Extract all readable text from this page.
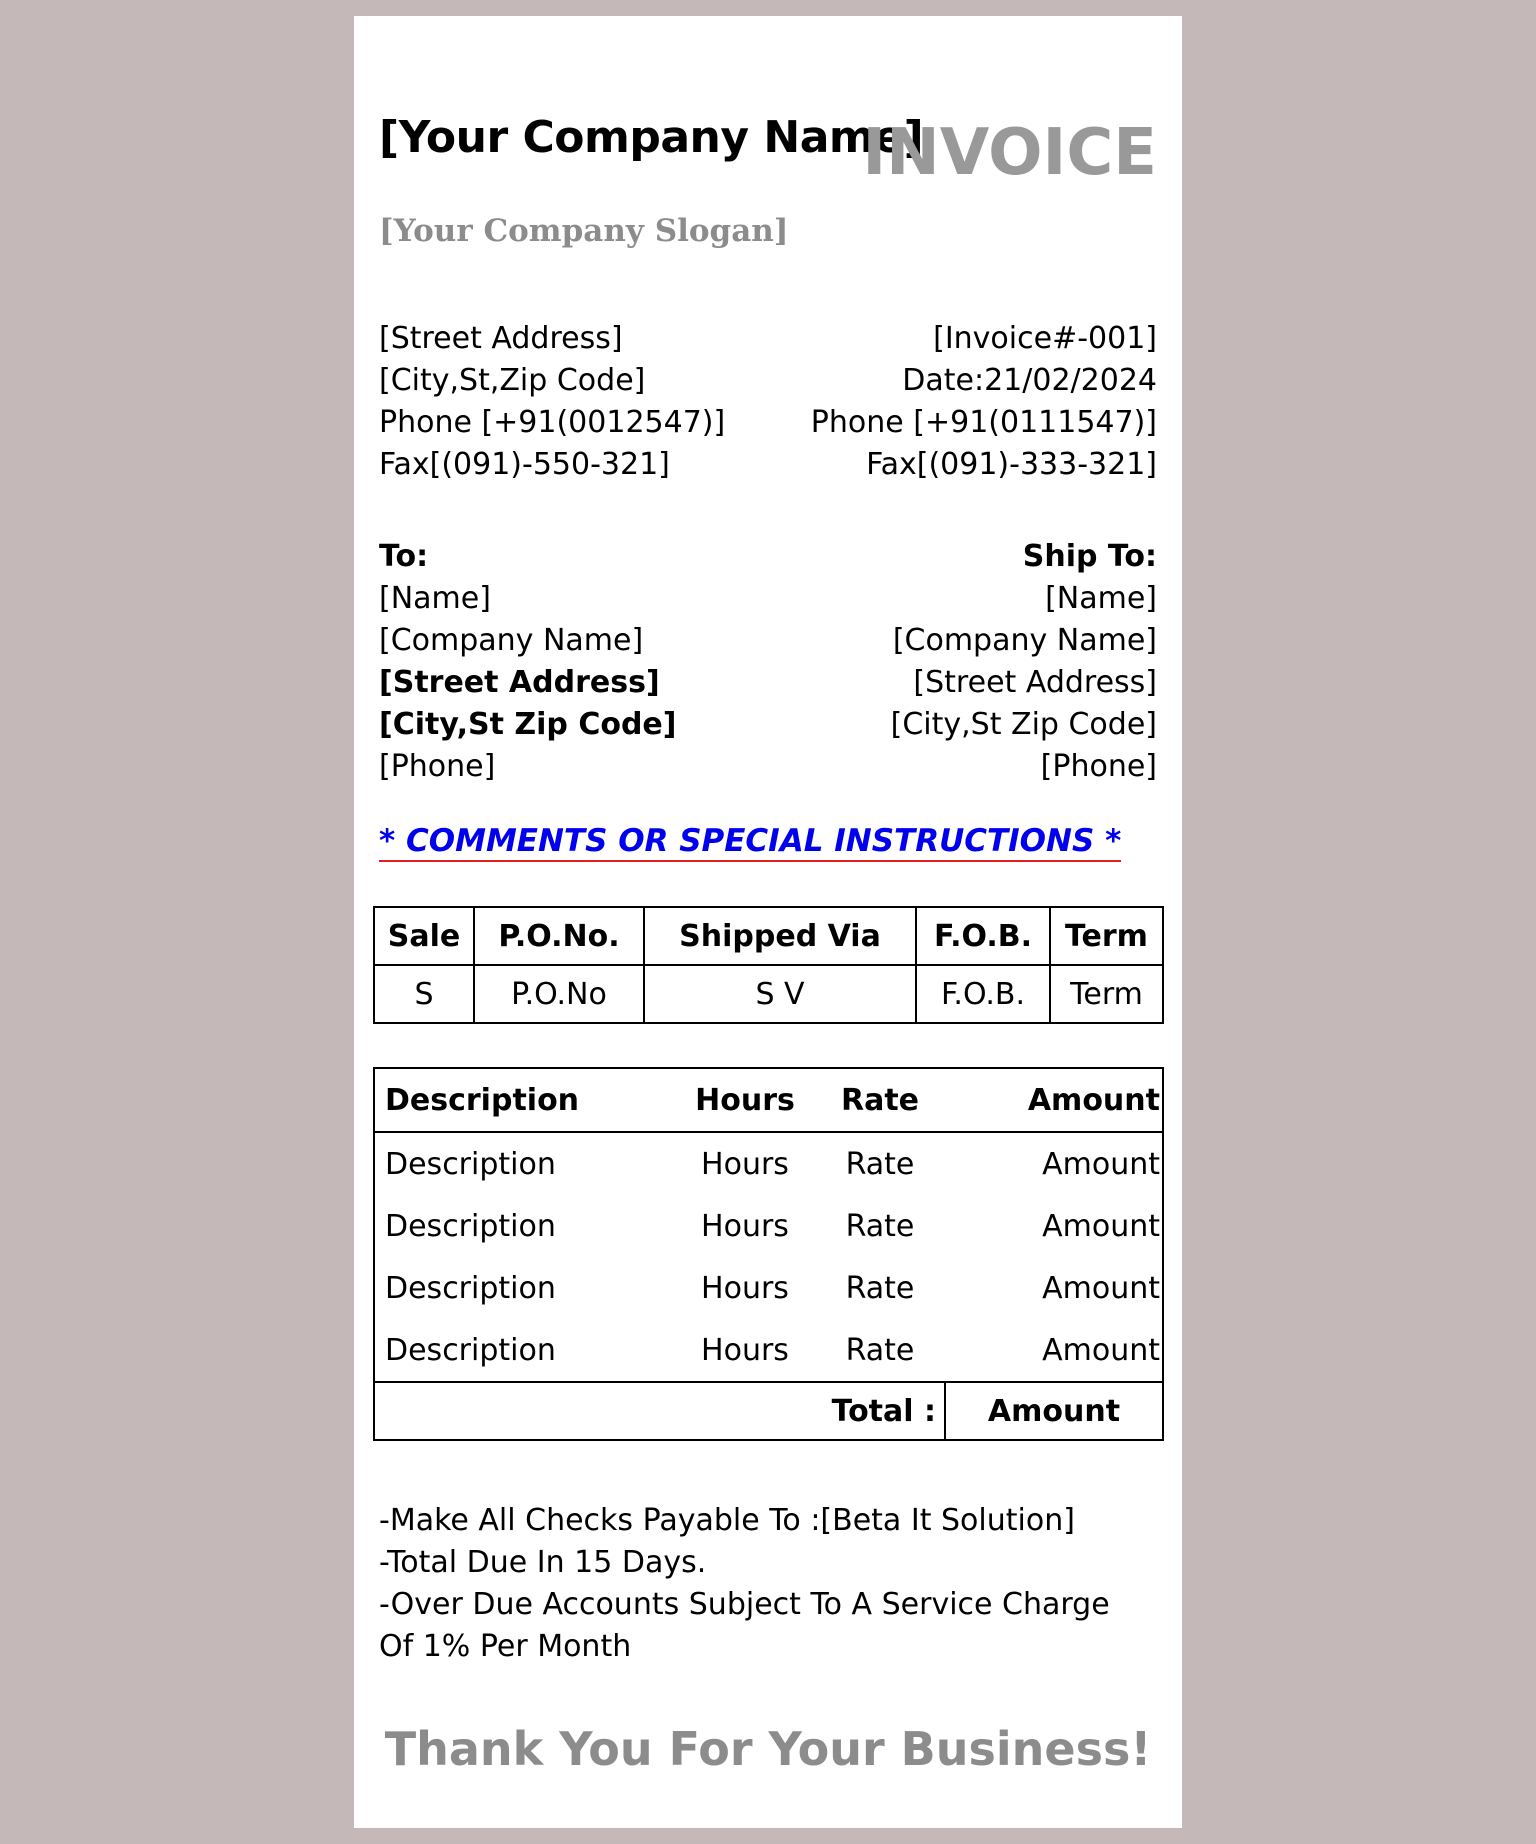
[Your Company Name]
INVOICE
[Your Company Slogan]
[Street Address]
[City,St,Zip Code]
Phone [+91(0012547)]
Fax[(091)-550-321]
[Invoice#-001]
Date:21/02/2024
Phone [+91(0111547)]
Fax[(091)-333-321]
To:
[Name]
[Company Name]
[Street Address]
[City,St Zip Code]
[Phone]
Ship To:
[Name]
[Company Name]
[Street Address]
[City,St Zip Code]
[Phone]
* COMMENTS OR SPECIAL INSTRUCTIONS *
Sale	P.O.No.	Shipped Via	F.O.B.	Term
S	P.O.No	S V	F.O.B.	Term
Description	Hours	Rate	Amount
Description	Hours	Rate	Amount
Description	Hours	Rate	Amount
Description	Hours	Rate	Amount
Description	Hours	Rate	Amount
Total :			Amount
-Make All Checks Payable To :[Beta It Solution]
-Total Due In 15 Days.
-Over Due Accounts Subject To A Service Charge Of 1% Per Month
Thank You For Your Business!
